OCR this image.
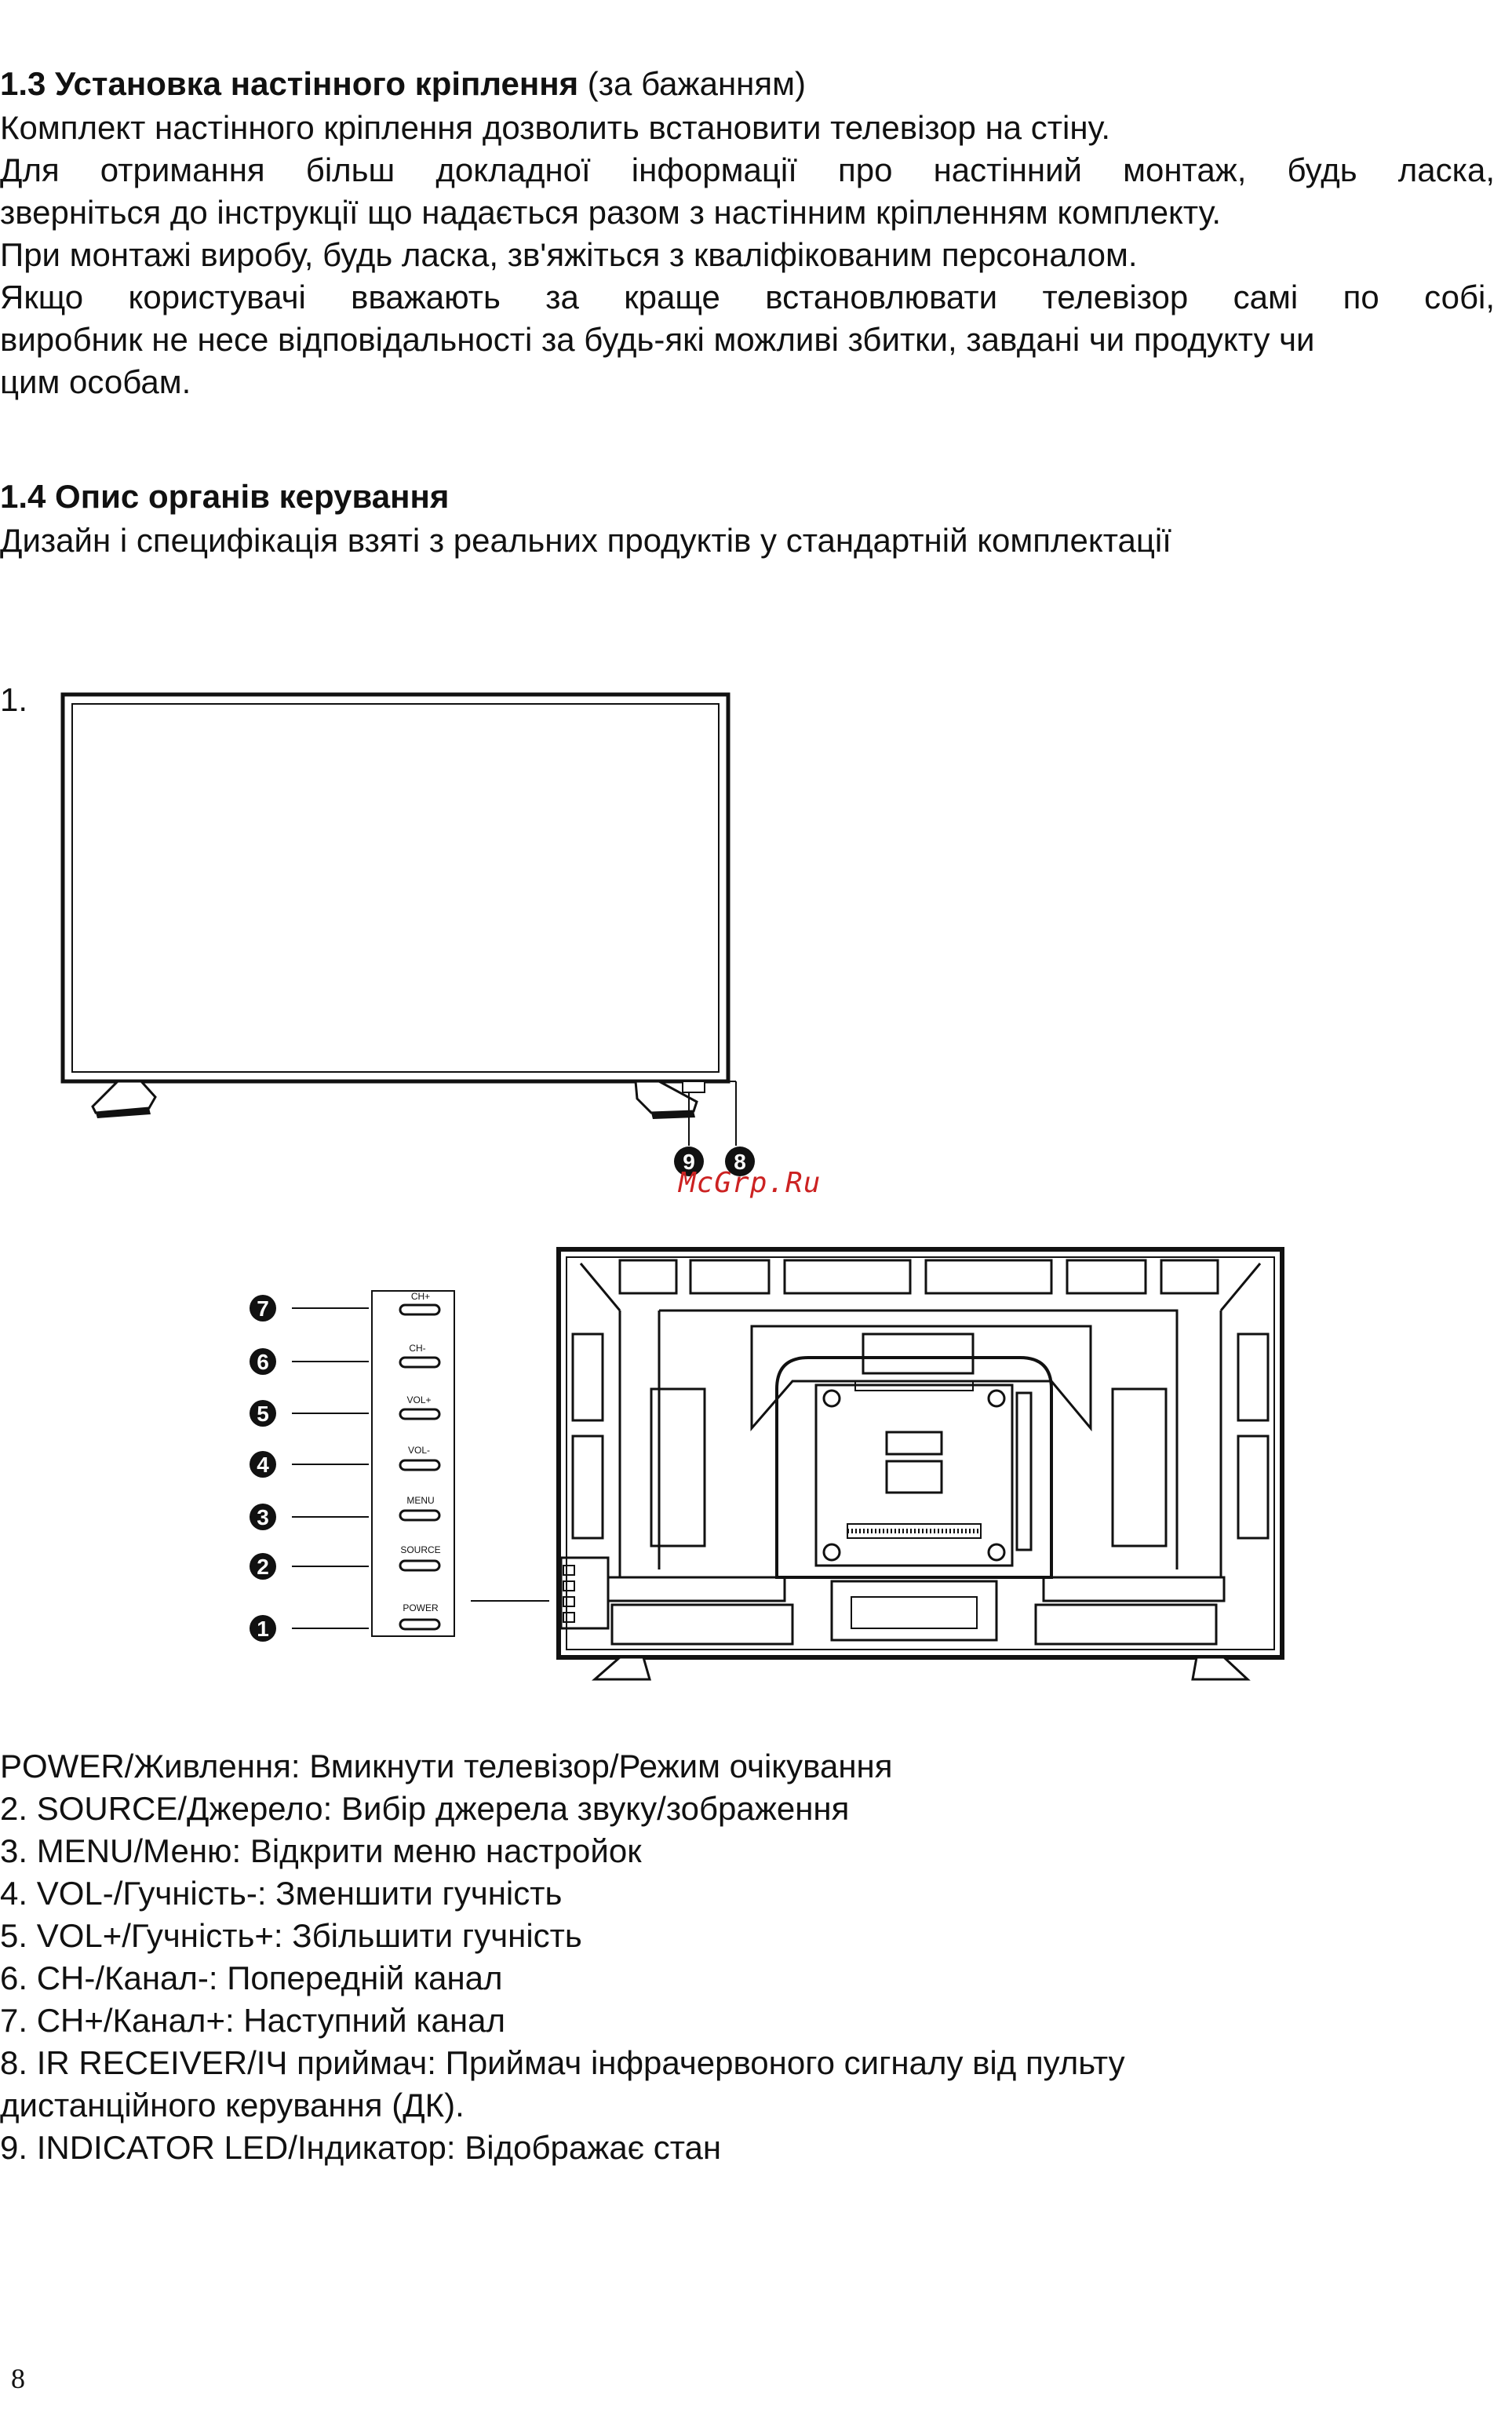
1.3 Установка настінного кріплення (за бажанням)
Комплект настінного кріплення дозволить встановити телевізор на стіну.
Для отримання більш докладної інформації про настінний монтаж, будь ласка,
зверніться до інструкції що надається разом з настінним кріпленням комплекту.
При монтажі виробу, будь ласка, зв'яжіться з кваліфікованим персоналом.
Якщо користувачі вважають за краще встановлювати телевізор самі по собі,
виробник не несе відповідальності за будь-які можливі збитки, завдані чи продукту чи
цим особам.
1.4 Опис органів керування
Дизайн і специфікація взяті з реальних продуктів у стандартній комплектації
1.
9 8
7	CH+
6
CH-
5
VOL+
4
VOL-
3
MENU
2
SOURCE
1
POWER
McGrp.Ru
POWER/Живлення: Вмикнути телевізор/Режим очікування
2. SOURCE/Джерело: Вибір джерела звуку/зображення
3. MENU/Меню: Відкрити меню настройок
4. VOL-/Гучність-: Зменшити гучність
5. VOL+/Гучність+: Збільшити гучність
6. CH-/Канал-: Попередній канал
7. CH+/Канал+: Наступний канал
8. IR RECEIVER/ІЧ приймач: Приймач інфрачервоного сигналу від пульту
дистанційного керування (ДК).
9. INDICATOR LED/Індикатор: Відображає стан
8
